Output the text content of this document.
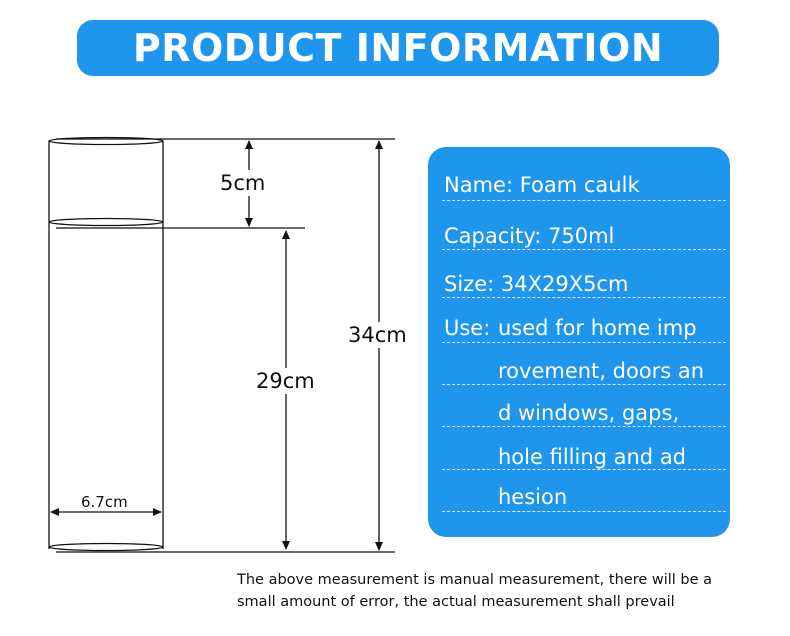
PRODUCT INFORMATION
5cm
29cm
34cm
6.7cm
Name: Foam caulk
Capacity: 750ml
Size: 34X29X5cm
Use: used for home imp
rovement, doors an
d windows, gaps,
hole filling and ad
hesion
The above measurement is manual measurement, there will be a
small amount of error, the actual measurement shall prevail
